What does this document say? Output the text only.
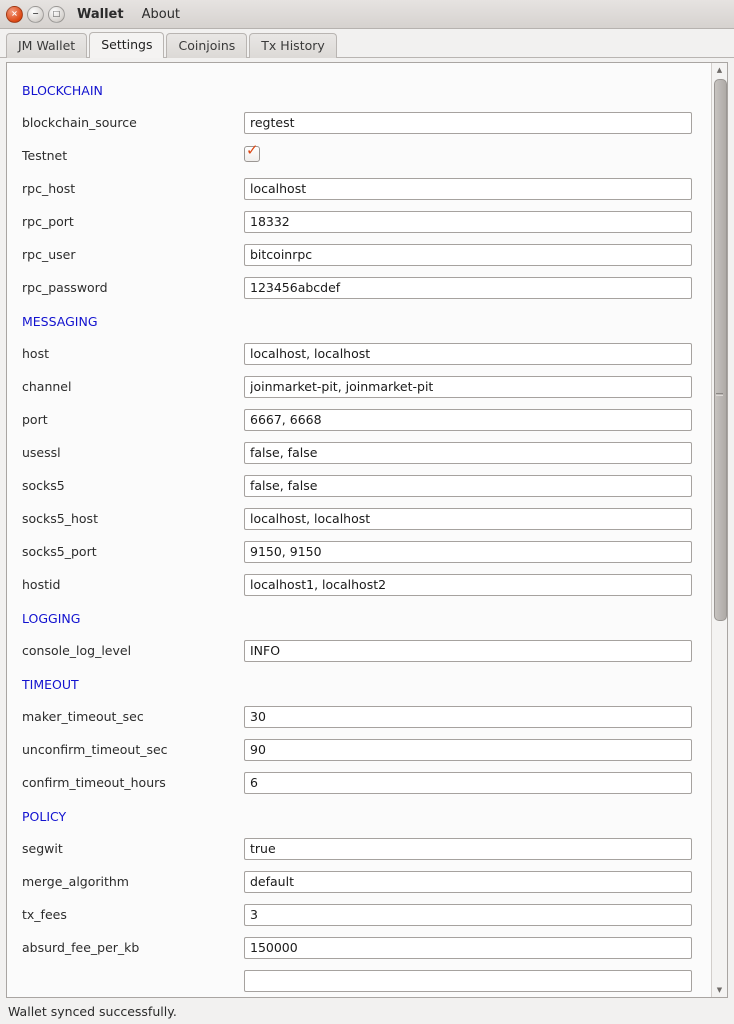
× − □ Wallet About
JM Wallet	Settings	Coinjoins	Tx History
BLOCKCHAIN	
blockchain_source	regtest
Testnet	✓

rpc_host	localhost
rpc_port	18332
rpc_user	bitcoinrpc
rpc_password	123456abcdef
MESSAGING	
host	localhost, localhost
channel	joinmarket-pit, joinmarket-pit
port	6667, 6668
usessl	false, false
socks5	false, false
socks5_host	localhost, localhost
socks5_port	9150, 9150
hostid	localhost1, localhost2
LOGGING	
console_log_level	INFO
TIMEOUT	
maker_timeout_sec	30
unconfirm_timeout_sec	90
confirm_timeout_hours	6
POLICY	
segwit	true
merge_algorithm	default
tx_fees	3
absurd_fee_per_kb	150000

▲
▼
Wallet synced successfully.
